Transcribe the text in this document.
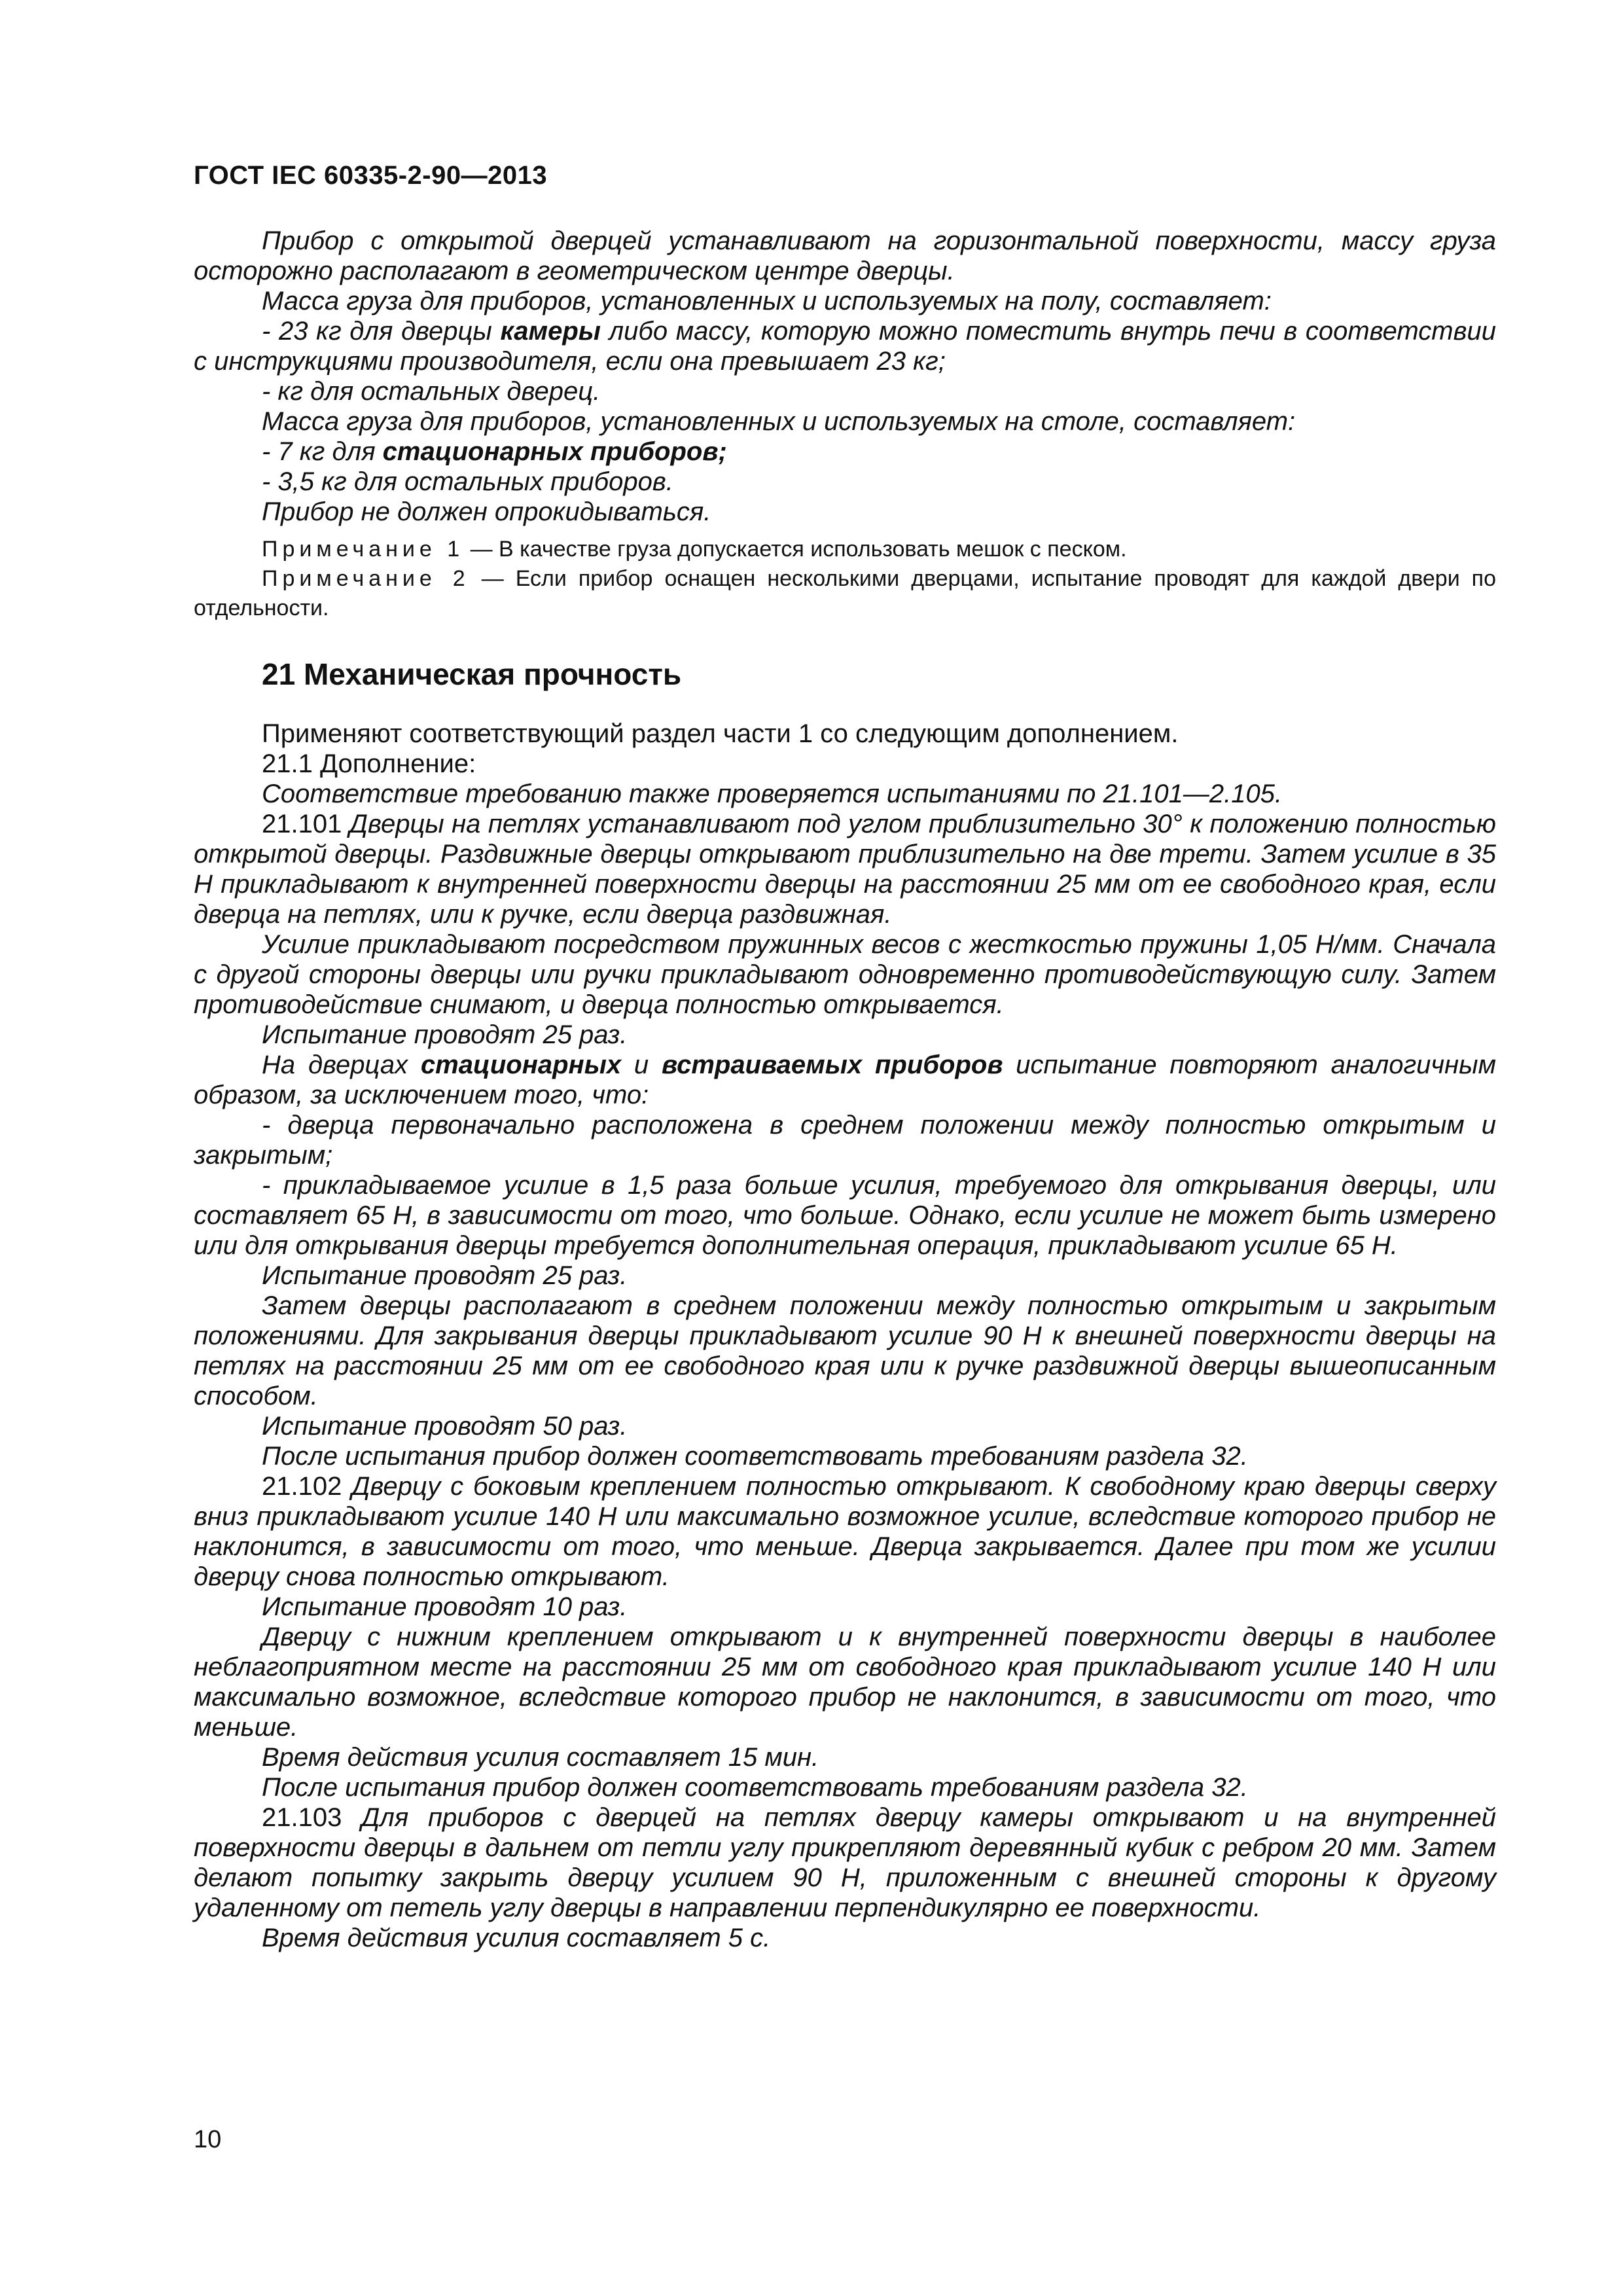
ГОСТ IEC 60335-2-90—2013

Прибор с открытой дверцей устанавливают на горизонтальной поверхности, массу груза осторожно располагают в геометрическом центре дверцы.

Масса груза для приборов, установленных и используемых на полу, составляет:

- 23 кг для дверцы камеры либо массу, которую можно поместить внутрь печи в соответствии с инструкциями производителя, если она превышает 23 кг;

- кг для остальных дверец.

Масса груза для приборов, установленных и используемых на столе, составляет:

- 7 кг для стационарных приборов;

- 3,5 кг для остальных приборов.

Прибор не должен опрокидываться.

Примечание 1 — В качестве груза допускается использовать мешок с песком.

Примечание 2 — Если прибор оснащен несколькими дверцами, испытание проводят для каждой двери по отдельности.

21 Механическая прочность

Применяют соответствующий раздел части 1 со следующим дополнением.

21.1 Дополнение:

Соответствие требованию также проверяется испытаниями по 21.101—2.105.

21.101 Дверцы на петлях устанавливают под углом приблизительно 30° к положению полностью открытой дверцы. Раздвижные дверцы открывают приблизительно на две трети. Затем усилие в 35 Н прикладывают к внутренней поверхности дверцы на расстоянии 25 мм от ее свободного края, если дверца на петлях, или к ручке, если дверца раздвижная.

Усилие прикладывают посредством пружинных весов с жесткостью пружины 1,05 Н/мм. Сначала с другой стороны дверцы или ручки прикладывают одновременно противодействующую силу. Затем противодействие снимают, и дверца полностью открывается.

Испытание проводят 25 раз.

На дверцах стационарных и встраиваемых приборов испытание повторяют аналогичным образом, за исключением того, что:

- дверца первоначально расположена в среднем положении между полностью открытым и закрытым;

- прикладываемое усилие в 1,5 раза больше усилия, требуемого для открывания дверцы, или составляет 65 Н, в зависимости от того, что больше. Однако, если усилие не может быть измерено или для открывания дверцы требуется дополнительная операция, прикладывают усилие 65 Н.

Испытание проводят 25 раз.

Затем дверцы располагают в среднем положении между полностью открытым и закрытым положениями. Для закрывания дверцы прикладывают усилие 90 Н к внешней поверхности дверцы на петлях на расстоянии 25 мм от ее свободного края или к ручке раздвижной дверцы вышеописанным способом.

Испытание проводят 50 раз.

После испытания прибор должен соответствовать требованиям раздела 32.

21.102 Дверцу с боковым креплением полностью открывают. К свободному краю дверцы сверху вниз прикладывают усилие 140 Н или максимально возможное усилие, вследствие которого прибор не наклонится, в зависимости от того, что меньше. Дверца закрывается. Далее при том же усилии дверцу снова полностью открывают.

Испытание проводят 10 раз.

Дверцу с нижним креплением открывают и к внутренней поверхности дверцы в наиболее неблагоприятном месте на расстоянии 25 мм от свободного края прикладывают усилие 140 Н или максимально возможное, вследствие которого прибор не наклонится, в зависимости от того, что меньше.

Время действия усилия составляет 15 мин.

После испытания прибор должен соответствовать требованиям раздела 32.

21.103 Для приборов с дверцей на петлях дверцу камеры открывают и на внутренней поверхности дверцы в дальнем от петли углу прикрепляют деревянный кубик с ребром 20 мм. Затем делают попытку закрыть дверцу усилием 90 Н, приложенным с внешней стороны к другому удаленному от петель углу дверцы в направлении перпендикулярно ее поверхности.

Время действия усилия составляет 5 с.

10
